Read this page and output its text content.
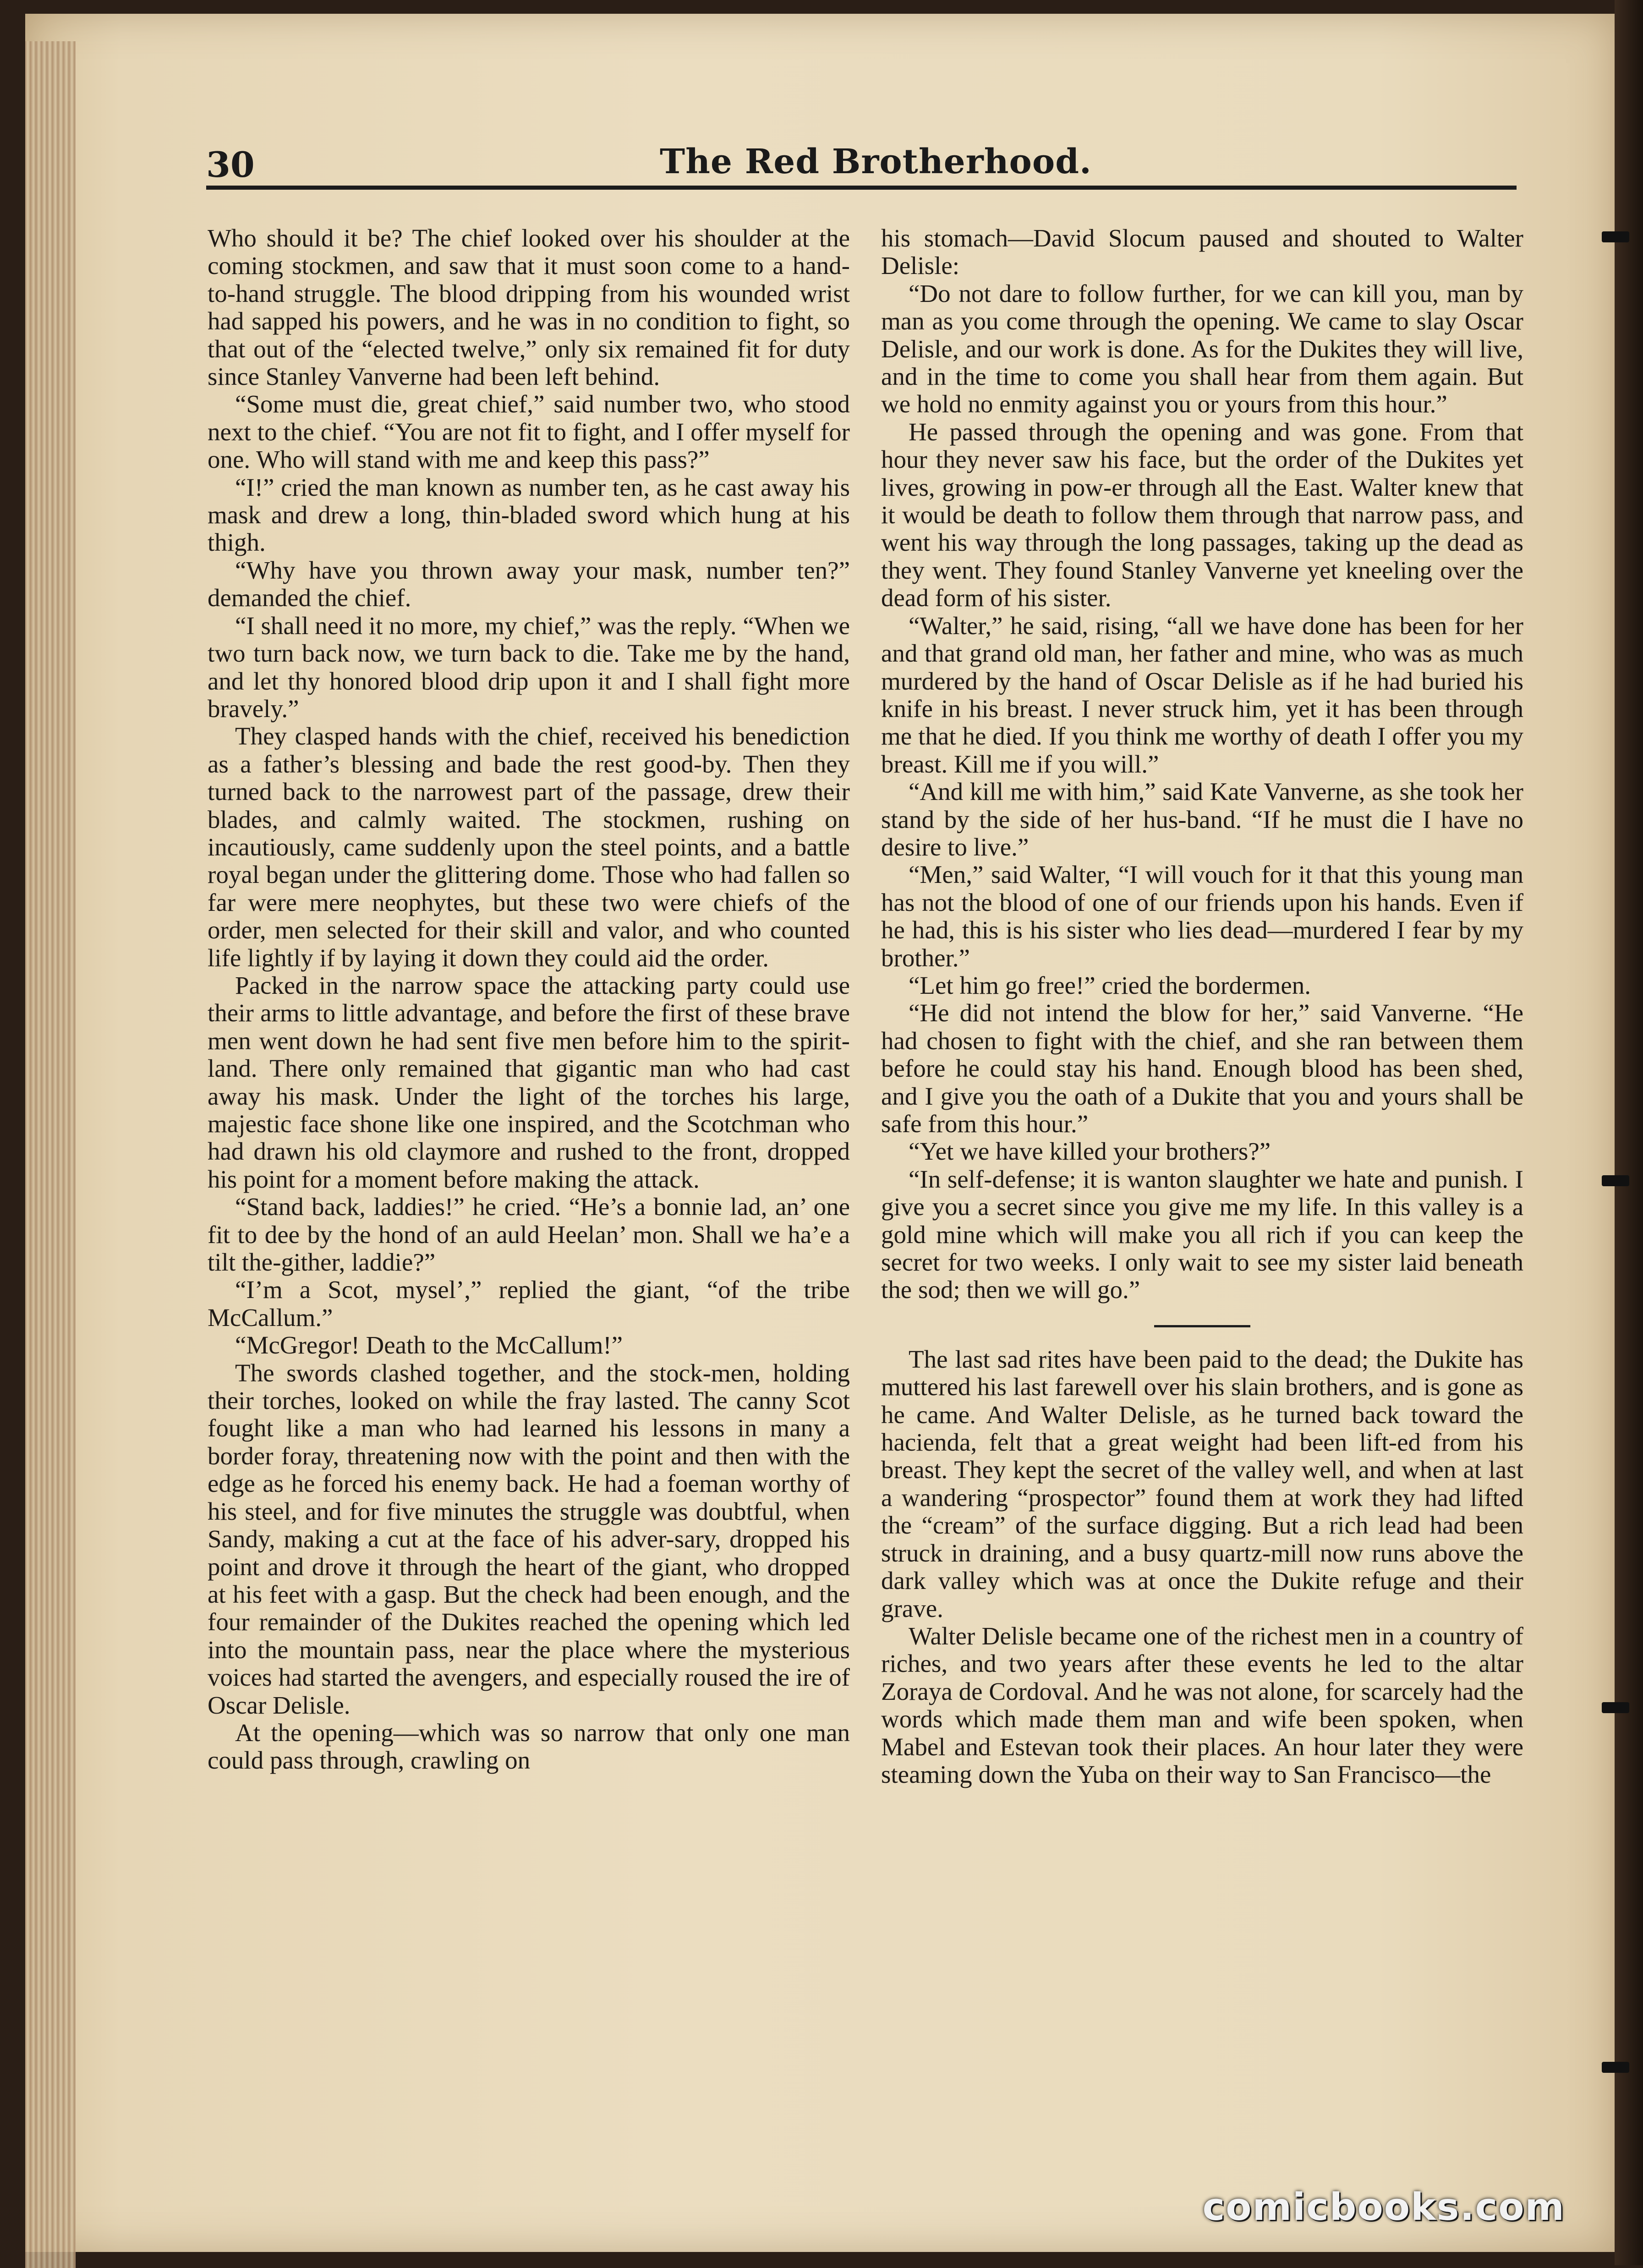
30	The Red Brotherhood.

Who should it be? The chief looked over his shoulder at the coming stockmen, and saw that it must soon come to a hand-to-hand struggle. The blood dripping from his wounded wrist had sapped his powers, and he was in no condition to fight, so that out of the “elected twelve,” only six remained fit for duty since Stanley Vanverne had been left behind.

“Some must die, great chief,” said number two, who stood next to the chief. “You are not fit to fight, and I offer myself for one. Who will stand with me and keep this pass?”

“I!” cried the man known as number ten, as he cast away his mask and drew a long, thin-bladed sword which hung at his thigh.

“Why have you thrown away your mask, number ten?” demanded the chief.

“I shall need it no more, my chief,” was the reply. “When we two turn back now, we turn back to die. Take me by the hand, and let thy honored blood drip upon it and I shall fight more bravely.”

They clasped hands with the chief, received his benediction as a father’s blessing and bade the rest good-by. Then they turned back to the narrowest part of the passage, drew their blades, and calmly waited. The stockmen, rushing on incautiously, came suddenly upon the steel points, and a battle royal began under the glittering dome. Those who had fallen so far were mere neophytes, but these two were chiefs of the order, men selected for their skill and valor, and who counted life lightly if by laying it down they could aid the order.

Packed in the narrow space the attacking party could use their arms to little advantage, and before the first of these brave men went down he had sent five men before him to the spirit-land. There only remained that gigantic man who had cast away his mask. Under the light of the torches his large, majestic face shone like one inspired, and the Scotchman who had drawn his old claymore and rushed to the front, dropped his point for a moment before making the attack.

“Stand back, laddies!” he cried. “He’s a bonnie lad, an’ one fit to dee by the hond of an auld Heelan’ mon. Shall we ha’e a tilt the-gither, laddie?”

“I’m a Scot, mysel’,” replied the giant, “of the tribe McCallum.”

“McGregor! Death to the McCallum!”

The swords clashed together, and the stock-men, holding their torches, looked on while the fray lasted. The canny Scot fought like a man who had learned his lessons in many a border foray, threatening now with the point and then with the edge as he forced his enemy back. He had a foeman worthy of his steel, and for five minutes the struggle was doubtful, when Sandy, making a cut at the face of his adver-sary, dropped his point and drove it through the heart of the giant, who dropped at his feet with a gasp. But the check had been enough, and the four remainder of the Dukites reached the opening which led into the mountain pass, near the place where the mysterious voices had started the avengers, and especially roused the ire of Oscar Delisle.

At the opening—which was so narrow that only one man could pass through, crawling on

his stomach—David Slocum paused and shouted to Walter Delisle:

“Do not dare to follow further, for we can kill you, man by man as you come through the opening. We came to slay Oscar Delisle, and our work is done. As for the Dukites they will live, and in the time to come you shall hear from them again. But we hold no enmity against you or yours from this hour.”

He passed through the opening and was gone. From that hour they never saw his face, but the order of the Dukites yet lives, growing in pow-er through all the East. Walter knew that it would be death to follow them through that narrow pass, and went his way through the long passages, taking up the dead as they went. They found Stanley Vanverne yet kneeling over the dead form of his sister.

“Walter,” he said, rising, “all we have done has been for her and that grand old man, her father and mine, who was as much murdered by the hand of Oscar Delisle as if he had buried his knife in his breast. I never struck him, yet it has been through me that he died. If you think me worthy of death I offer you my breast. Kill me if you will.”

“And kill me with him,” said Kate Vanverne, as she took her stand by the side of her hus-band. “If he must die I have no desire to live.”

“Men,” said Walter, “I will vouch for it that this young man has not the blood of one of our friends upon his hands. Even if he had, this is his sister who lies dead—murdered I fear by my brother.”

“Let him go free!” cried the bordermen.

“He did not intend the blow for her,” said Vanverne. “He had chosen to fight with the chief, and she ran between them before he could stay his hand. Enough blood has been shed, and I give you the oath of a Dukite that you and yours shall be safe from this hour.”

“Yet we have killed your brothers?”

“In self-defense; it is wanton slaughter we hate and punish. I give you a secret since you give me my life. In this valley is a gold mine which will make you all rich if you can keep the secret for two weeks. I only wait to see my sister laid beneath the sod; then we will go.”

The last sad rites have been paid to the dead; the Dukite has muttered his last farewell over his slain brothers, and is gone as he came. And Walter Delisle, as he turned back toward the hacienda, felt that a great weight had been lift-ed from his breast. They kept the secret of the valley well, and when at last a wandering “prospector” found them at work they had lifted the “cream” of the surface digging. But a rich lead had been struck in draining, and a busy quartz-mill now runs above the dark valley which was at once the Dukite refuge and their grave.

Walter Delisle became one of the richest men in a country of riches, and two years after these events he led to the altar Zoraya de Cordoval. And he was not alone, for scarcely had the words which made them man and wife been spoken, when Mabel and Estevan took their places. An hour later they were steaming down the Yuba on their way to San Francisco—the

comicbooks.com
